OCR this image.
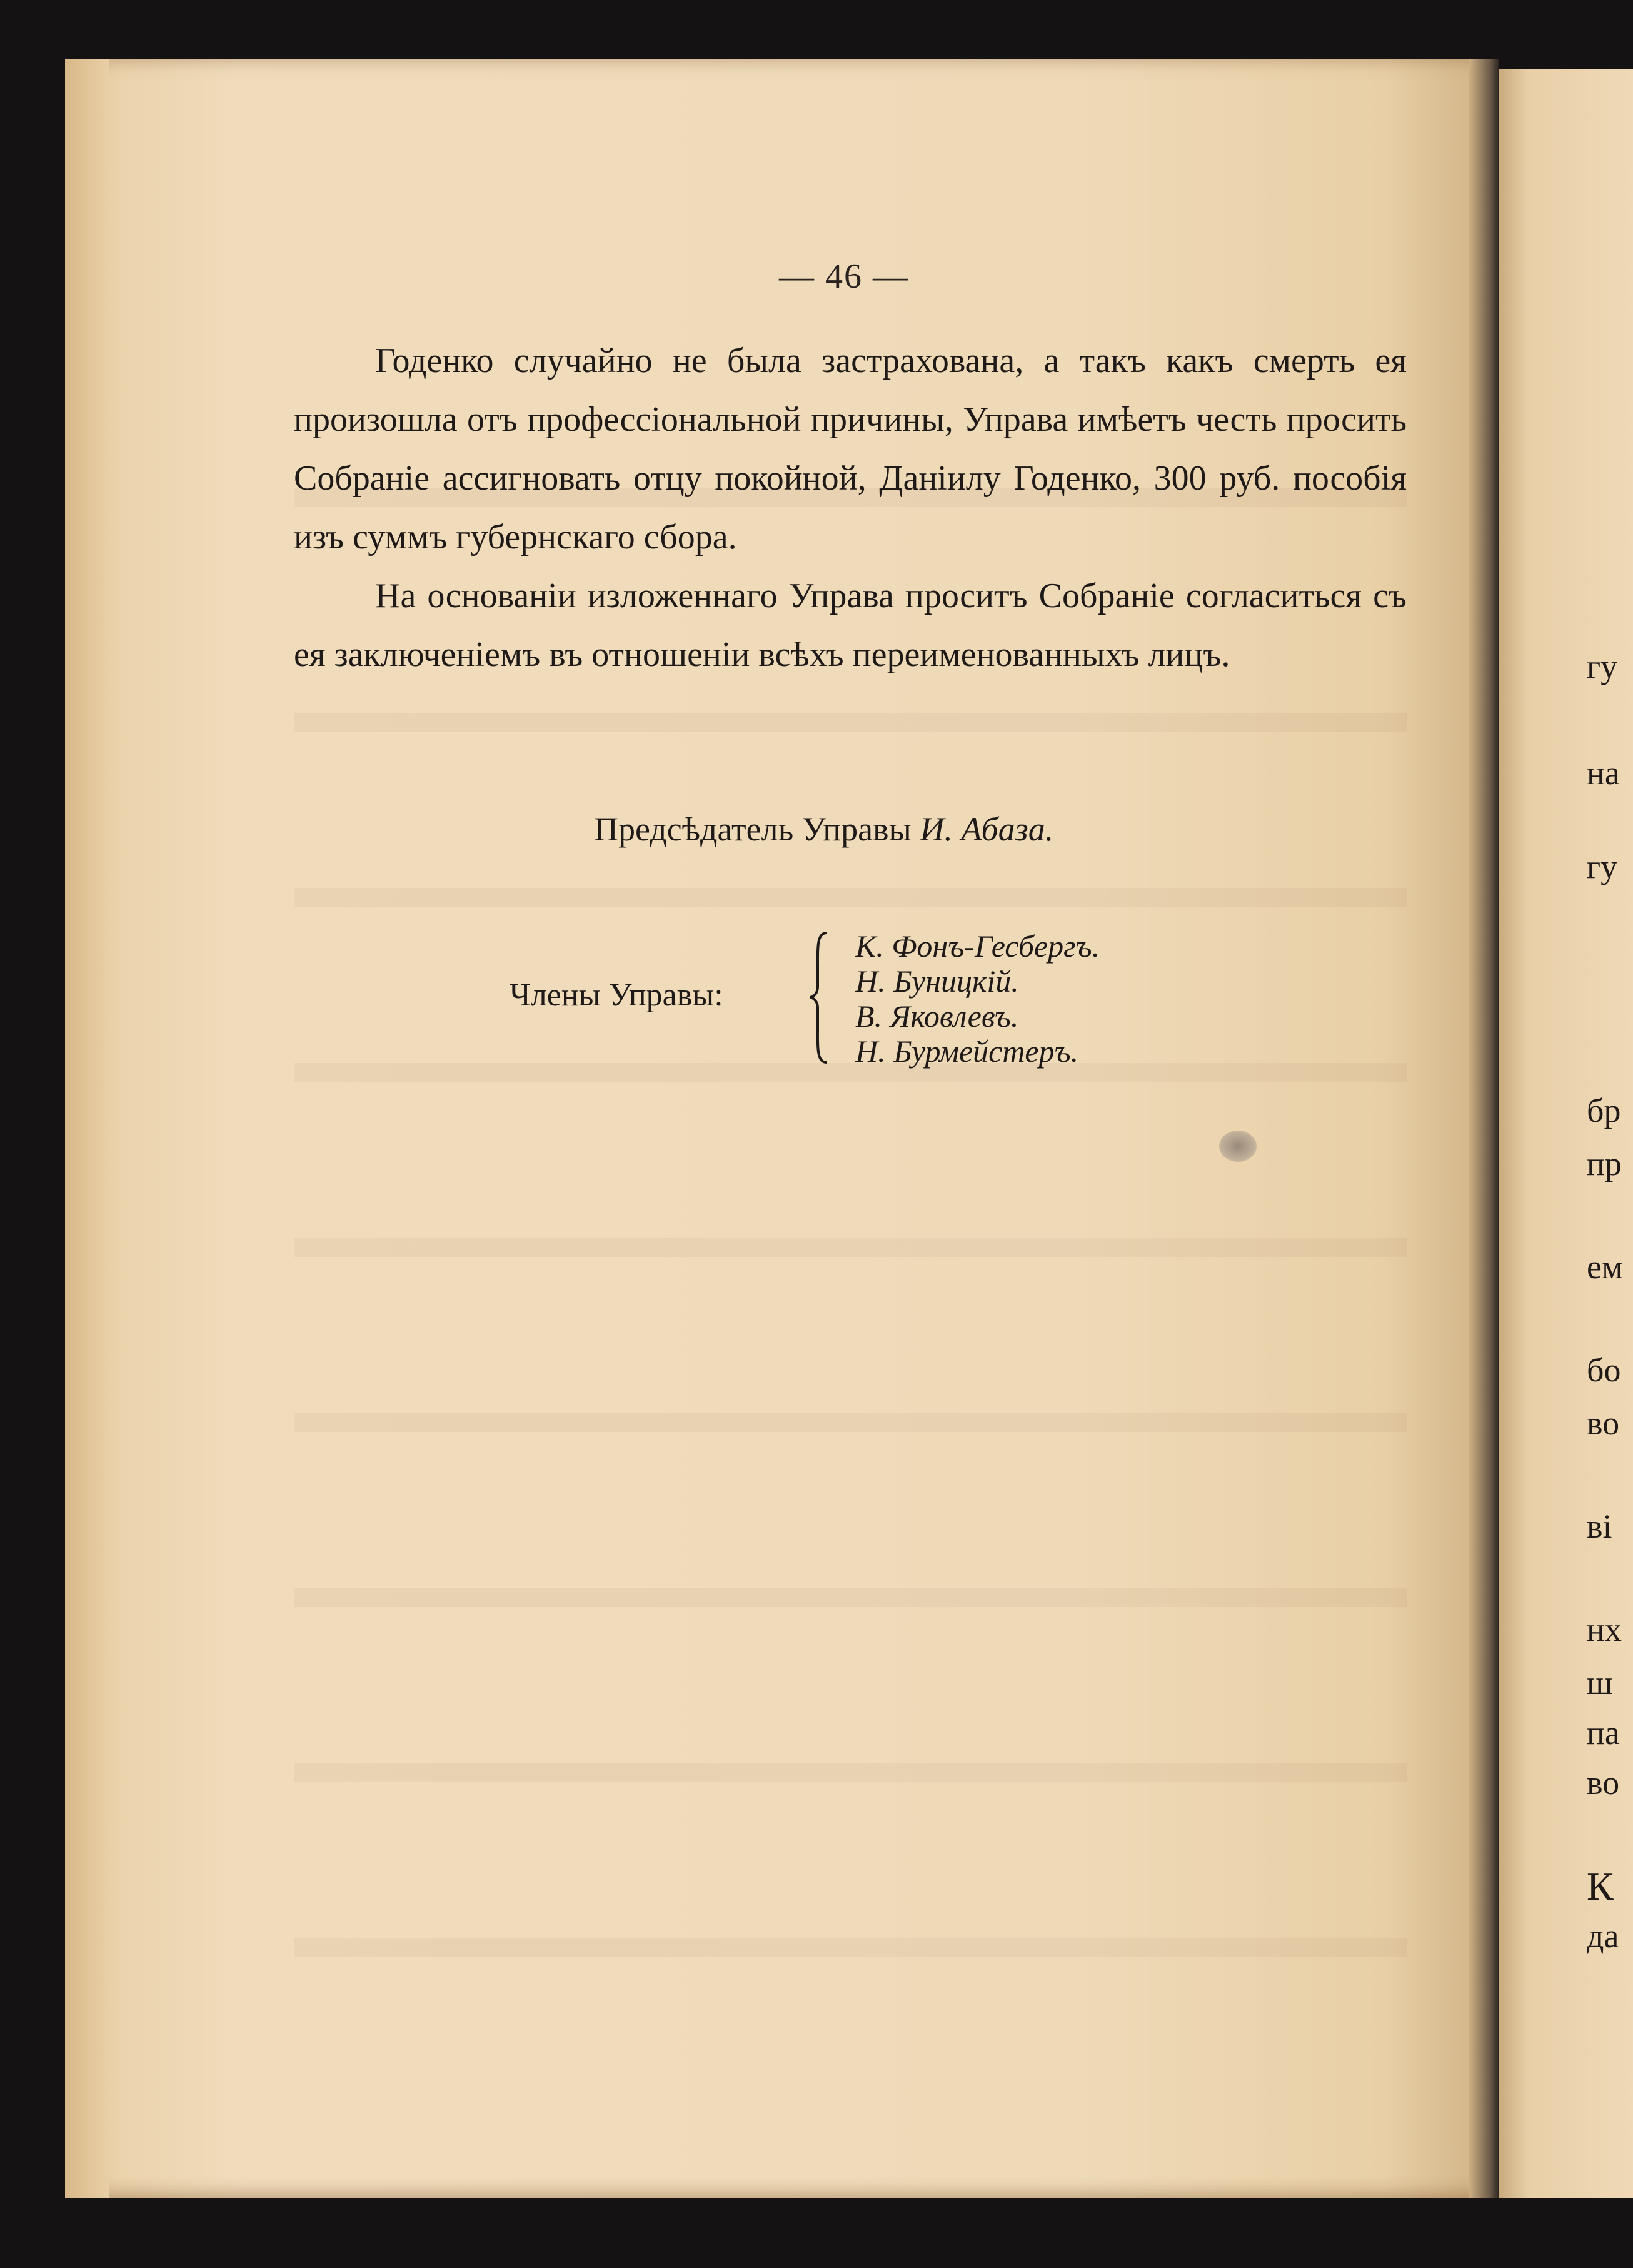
— 46 —

Годенко случайно не была застрахована, а такъ какъ смерть ея произошла отъ профессіональной причины, Управа имѣетъ честь просить Собраніе ассигновать отцу покойной, Даніилу Годенко, 300 руб. пособія изъ суммъ губернскаго сбора.

На основаніи изложеннаго Управа проситъ Собраніе согласиться съ ея заключеніемъ въ отношеніи всѣхъ переименованныхъ лицъ.

Предсѣдатель Управы И. Абаза.
Члены Управы:
К. Фонъ-Гесбергъ.
Н. Буницкій.
В. Яковлевъ.
Н. Бурмейстеръ.
гу
на
гу
бр
пр
ем
бо
во
ві
нх
ш
па
во
К
да
